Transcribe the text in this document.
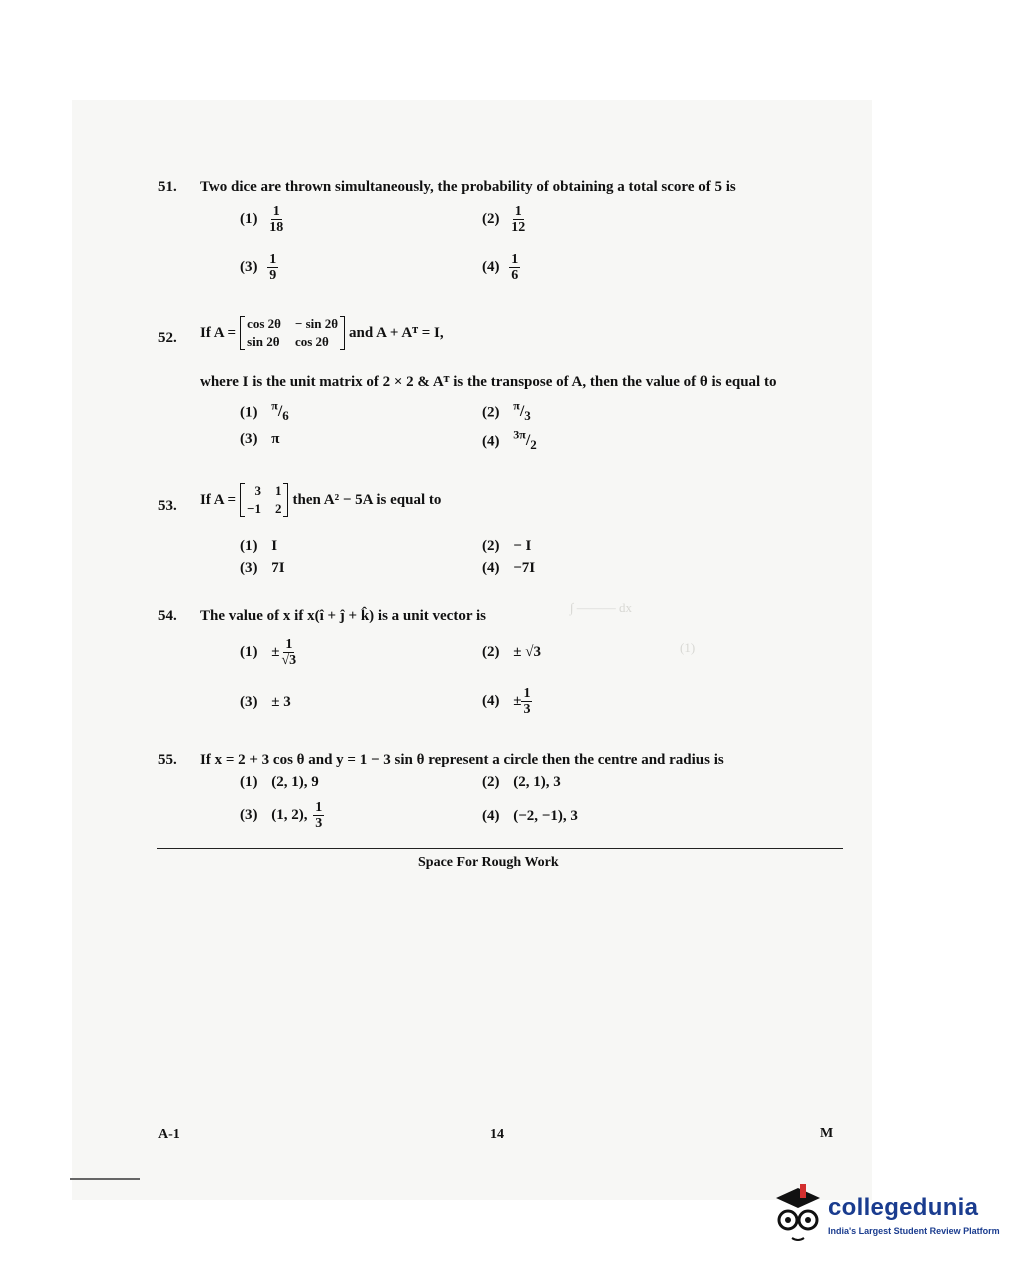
∫ ——— dx
(1)
51. Two dice are thrown simultaneously, the probability of obtaining a total score of 5 is
$(1) \frac{1}{18}$	$(2) \frac{1}{12}$
$(3) \frac{1}{9}$	$(4) \frac{1}{6}$
52. If A =
cos 2θ − sin 2θ
sin 2θ cos 2θ
and A + Aᵀ = I,
where I is the unit matrix of 2 × 2 & Aᵀ is the transpose of A, then the value of θ is equal to
(1) $^\pi/_6$	(2) $^\pi/_3$
(3) π	(4) $^{3\pi}/_2$
53. If A =
3 1
−1 2
then A² − 5A is equal to
(1) I	(2) − I
(3) 7I	(4) −7I
54. The value of x if x(î + ĵ + k̂) is a unit vector is
$(1) \pm \frac{1}{√3}$	(2) ± √3
(3) ± 3	$(4) \pm \frac{1}{3}$
55. If x = 2 + 3 cos θ and y = 1 − 3 sin θ represent a circle then the centre and radius is
(1) (2, 1), 9	(2) (2, 1), 3
(3) (1, 2), $\frac{1}{3}$	(4) (−2, −1), 3
Space For Rough Work
A-1	14	M
collegedunia
India's Largest Student Review Platform
